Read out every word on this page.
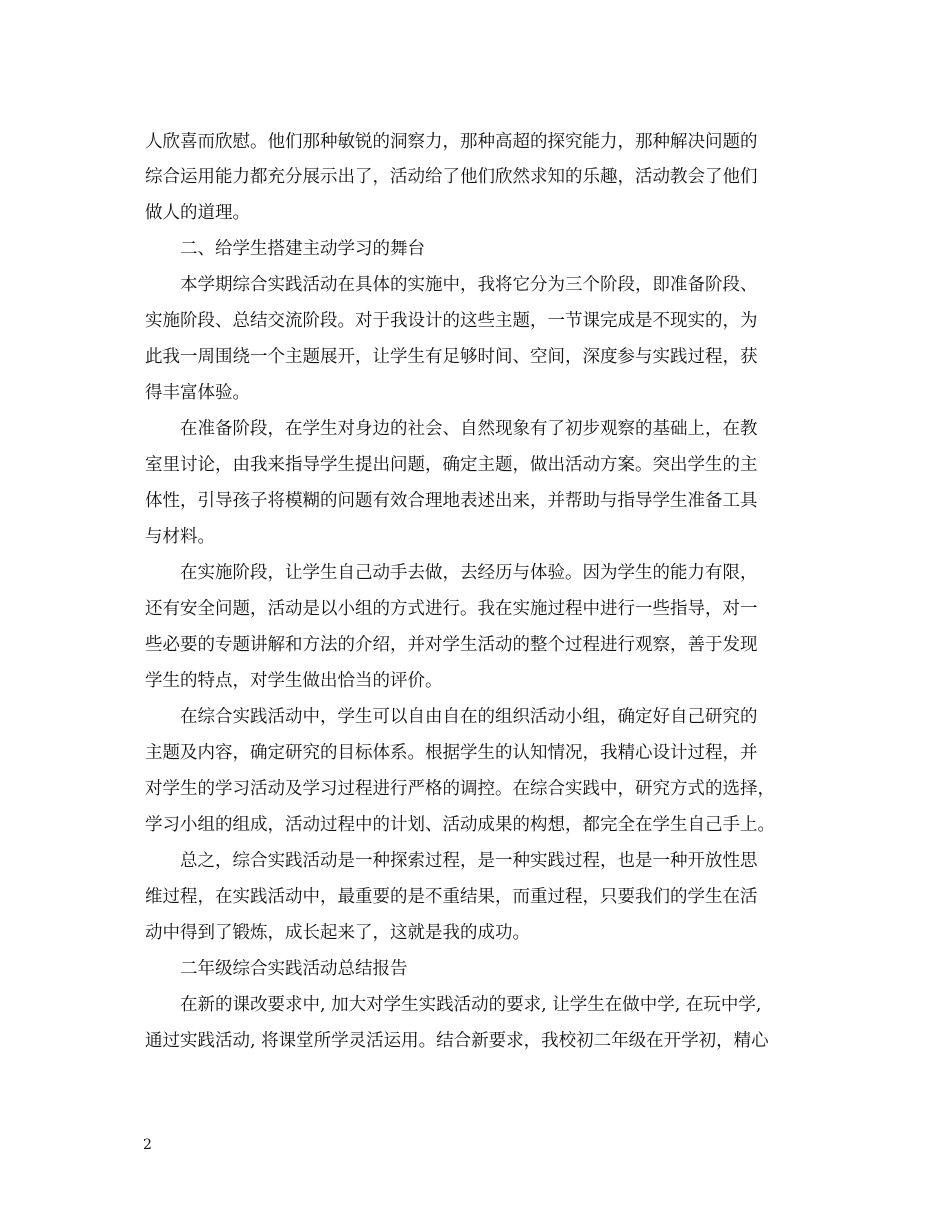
人欣喜而欣慰。他们那种敏锐的洞察力，那种高超的探究能力，那种解决问题的
综合运用能力都充分展示出了，活动给了他们欣然求知的乐趣，活动教会了他们
做人的道理。
二、给学生搭建主动学习的舞台
本学期综合实践活动在具体的实施中，我将它分为三个阶段，即准备阶段、
实施阶段、总结交流阶段。对于我设计的这些主题，一节课完成是不现实的，为
此我一周围绕一个主题展开，让学生有足够时间、空间，深度参与实践过程，获
得丰富体验。
在准备阶段，在学生对身边的社会、自然现象有了初步观察的基础上，在教
室里讨论，由我来指导学生提出问题，确定主题，做出活动方案。突出学生的主
体性，引导孩子将模糊的问题有效合理地表述出来，并帮助与指导学生准备工具
与材料。
在实施阶段，让学生自己动手去做，去经历与体验。因为学生的能力有限，
还有安全问题，活动是以小组的方式进行。我在实施过程中进行一些指导，对一
些必要的专题讲解和方法的介绍，并对学生活动的整个过程进行观察，善于发现
学生的特点，对学生做出恰当的评价。
在综合实践活动中，学生可以自由自在的组织活动小组，确定好自己研究的
主题及内容，确定研究的目标体系。根据学生的认知情况，我精心设计过程，并
对学生的学习活动及学习过程进行严格的调控。在综合实践中，研究方式的选择，
学习小组的组成，活动过程中的计划、活动成果的构想，都完全在学生自己手上。
总之，综合实践活动是一种探索过程，是一种实践过程，也是一种开放性思
维过程，在实践活动中，最重要的是不重结果，而重过程，只要我们的学生在活
动中得到了锻炼，成长起来了，这就是我的成功。
二年级综合实践活动总结报告
在新的课改要求中, 加大对学生实践活动的要求, 让学生在做中学, 在玩中学,
通过实践活动, 将课堂所学灵活运用。结合新要求，我校初二年级在开学初，精心
2
